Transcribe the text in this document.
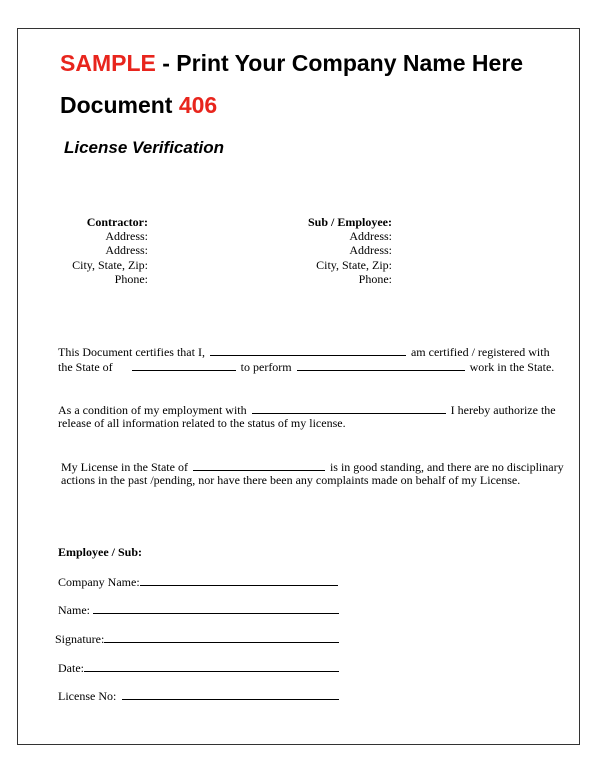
SAMPLE - Print Your Company Name Here
Document 406
License Verification
Contractor:
Address:
Address:
City, State, Zip:
Phone:
Sub / Employee:
Address:
Address:
City, State, Zip:
Phone:
This Document certifies that I,	am certified / registered with
the State of	to perform	work in the State.
As a condition of my employment with	I hereby authorize the
release of all information related to the status of my license.
My License in the State of	is in good standing, and there are no disciplinary
actions in the past /pending, nor have there been any complaints made on behalf of my License.
Employee / Sub:
Company Name:
Name:
Signature:
Date:
License No:
